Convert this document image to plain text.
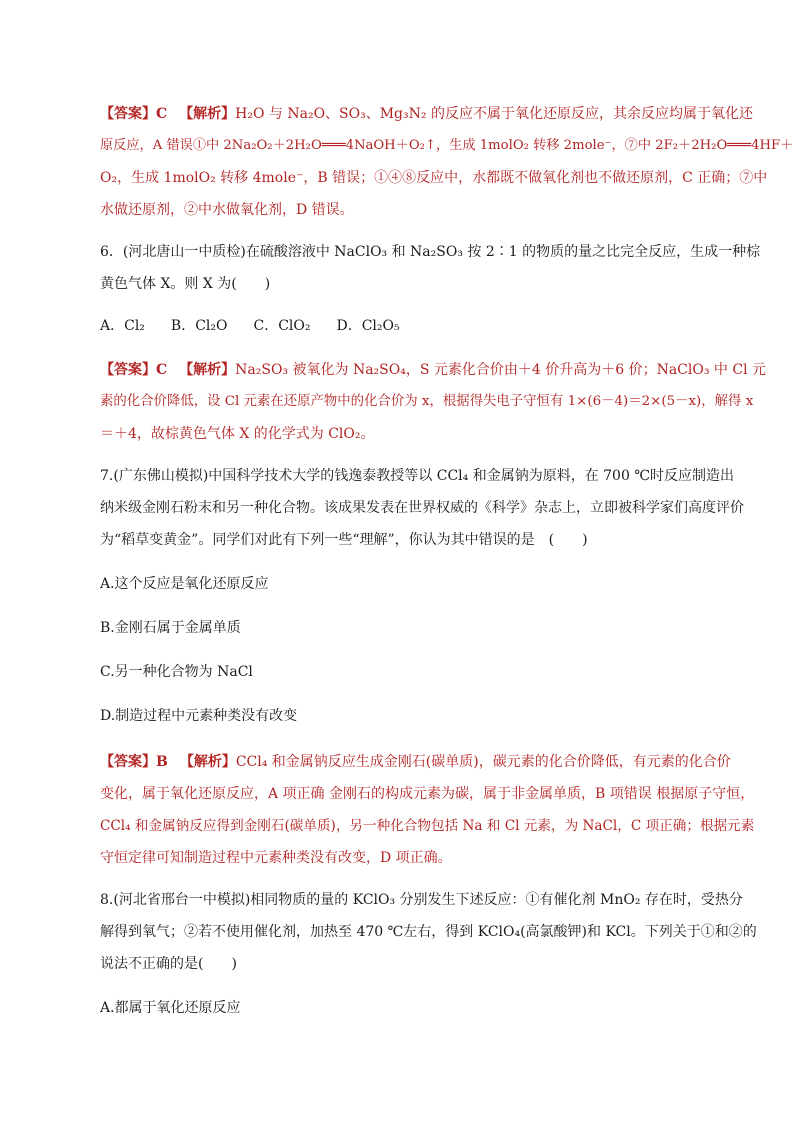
【答案】C 【解析】H₂O 与 Na₂O、SO₃、Mg₃N₂ 的反应不属于氧化还原反应，其余反应均属于氧化还
原反应，A 错误①中 2Na₂O₂＋2H₂O═══4NaOH＋O₂↑，生成 1molO₂ 转移 2mole⁻，⑦中 2F₂＋2H₂O═══4HF＋
O₂，生成 1molO₂ 转移 4mole⁻，B 错误；①④⑧反应中，水都既不做氧化剂也不做还原剂，C 正确；⑦中
水做还原剂，②中水做氧化剂，D 错误。
6．(河北唐山一中质检)在硫酸溶液中 NaClO₃ 和 Na₂SO₃ 按 2∶1 的物质的量之比完全反应，生成一种棕
黄色气体 X。则 X 为(　　)
A．Cl₂ B．Cl₂O C．ClO₂ D．Cl₂O₅
【答案】C 【解析】Na₂SO₃ 被氧化为 Na₂SO₄，S 元素化合价由＋4 价升高为＋6 价；NaClO₃ 中 Cl 元
素的化合价降低，设 Cl 元素在还原产物中的化合价为 x，根据得失电子守恒有 1×(6－4)＝2×(5－x)，解得 x
＝＋4，故棕黄色气体 X 的化学式为 ClO₂。
7.(广东佛山模拟)中国科学技术大学的钱逸泰教授等以 CCl₄ 和金属钠为原料，在 700 ℃时反应制造出
纳米级金刚石粉末和另一种化合物。该成果发表在世界权威的《科学》杂志上，立即被科学家们高度评价
为“稻草变黄金”。同学们对此有下列一些“理解”，你认为其中错误的是　(　　)
A.这个反应是氧化还原反应
B.金刚石属于金属单质
C.另一种化合物为 NaCl
D.制造过程中元素种类没有改变
【答案】B 【解析】CCl₄ 和金属钠反应生成金刚石(碳单质)，碳元素的化合价降低，有元素的化合价
变化，属于氧化还原反应，A 项正确 金刚石的构成元素为碳，属于非金属单质，B 项错误 根据原子守恒，
CCl₄ 和金属钠反应得到金刚石(碳单质)，另一种化合物包括 Na 和 Cl 元素，为 NaCl，C 项正确；根据元素
守恒定律可知制造过程中元素种类没有改变，D 项正确。
8.(河北省邢台一中模拟)相同物质的量的 KClO₃ 分别发生下述反应：①有催化剂 MnO₂ 存在时，受热分
解得到氧气；②若不使用催化剂，加热至 470 ℃左右，得到 KClO₄(高氯酸钾)和 KCl。下列关于①和②的
说法不正确的是(　　)
A.都属于氧化还原反应
